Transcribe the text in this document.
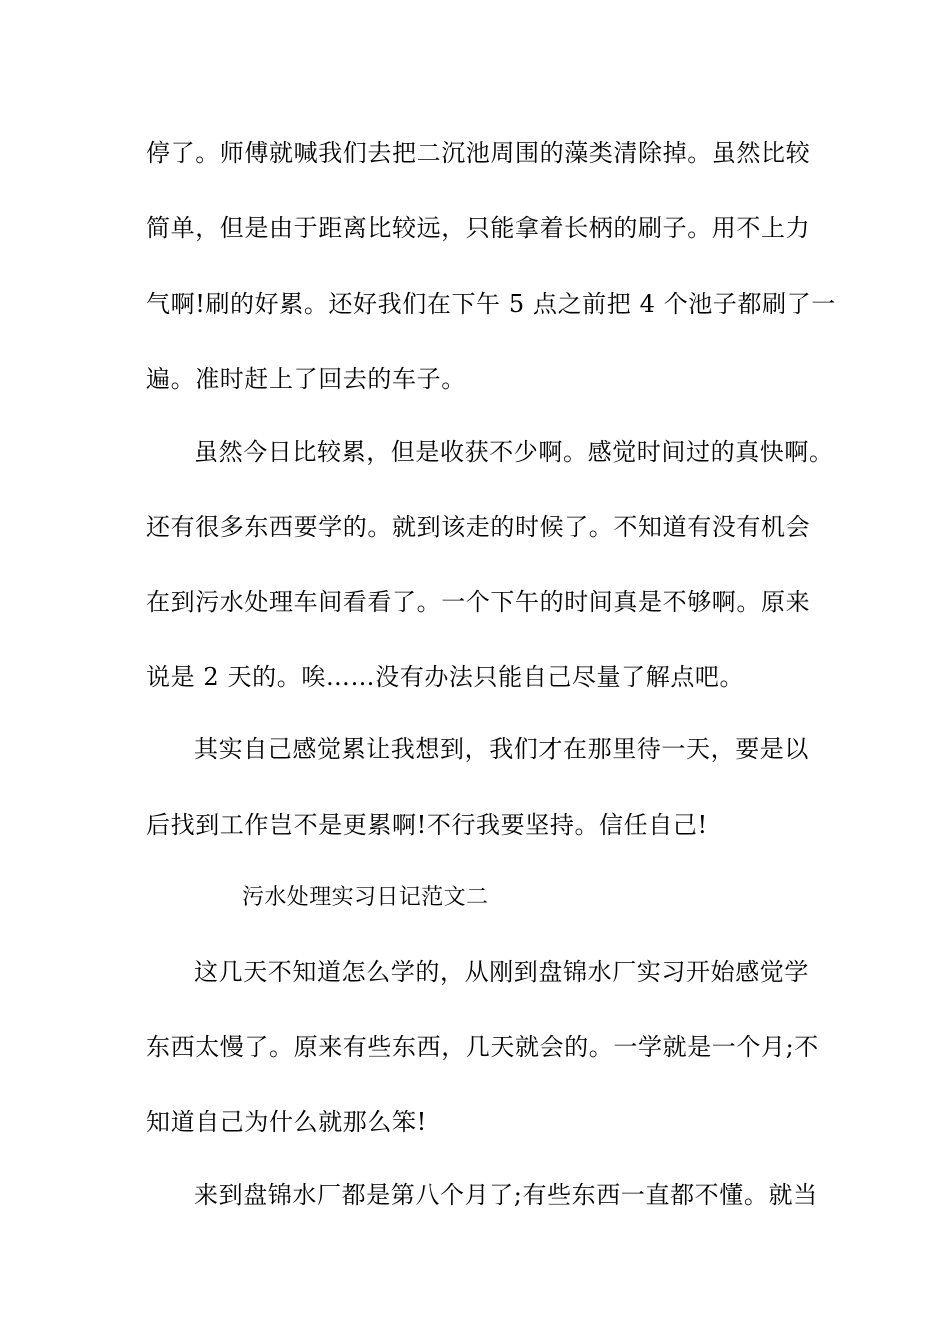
停了。师傅就喊我们去把二沉池周围的藻类清除掉。虽然比较
简单，但是由于距离比较远，只能拿着长柄的刷子。用不上力
气啊!刷的好累。还好我们在下午 5 点之前把 4 个池子都刷了一
遍。准时赶上了回去的车子。
虽然今日比较累，但是收获不少啊。感觉时间过的真快啊。
还有很多东西要学的。就到该走的时候了。不知道有没有机会
在到污水处理车间看看了。一个下午的时间真是不够啊。原来
说是 2 天的。唉……没有办法只能自己尽量了解点吧。
其实自己感觉累让我想到，我们才在那里待一天，要是以
后找到工作岂不是更累啊!不行我要坚持。信任自己!
污水处理实习日记范文二
这几天不知道怎么学的，从刚到盘锦水厂实习开始感觉学
东西太慢了。原来有些东西，几天就会的。一学就是一个月;不
知道自己为什么就那么笨!
来到盘锦水厂都是第八个月了;有些东西一直都不懂。就当
